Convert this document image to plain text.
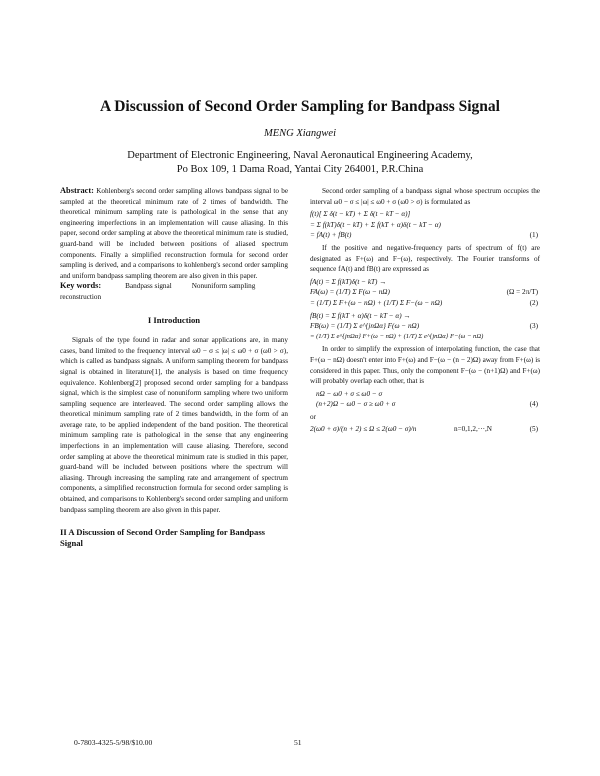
A Discussion of Second Order Sampling for Bandpass Signal
MENG Xiangwei
Department of Electronic Engineering, Naval Aeronautical Engineering Academy,
Po Box 109, 1 Dama Road, Yantai City 264001, P.R.China

Abstract: Kohlenberg's second order sampling allows bandpass signal to be sampled at the theoretical minimum rate of 2 times of bandwidth. The theoretical minimum sampling rate is pathological in the sense that any engineering imperfections in an implementation will cause aliasing. In this paper, second order sampling at above the theoretical minimum rate is studied, guard-band will be included between positions of aliased spectrum components. Finally a simplified reconstruction formula for second order sampling is derived, and a comparisons to kohlenberg's second order sampling and uniform bandpass sampling theorem are also given in this paper.

Key words:	Bandpass signal	Nonuniform sampling

reconstruction

I Introduction

Signals of the type found in radar and sonar applications are, in many cases, band limited to the frequency interval ω0 − σ ≤ |ω| ≤ ω0 + σ (ω0 > σ), which is called as bandpass signals. A uniform sampling theorem for bandpass signal is obtained in literature[1], the analysis is based on time frequency equivalence. Kohlenberg[2] proposed second order sampling for a bandpass signal, which is the simplest case of nonuniform sampling where two uniform sampling sequence are interleaved. The second order sampling allows the theoretical minimum sampling rate of 2 times bandwidth, in the form of an average rate, to be applied independent of the band position. The theoretical minimum sampling rate is pathological in the sense that any engineering imperfections in an implementation will cause aliasing. Therefore, second order sampling at above the theoretical minimum rate is studied in this paper, guard-band will be included between positions where the spectrum will aliasing. Through increasing the sampling rate and arrangement of spectrum components, a simplified reconstruction formula for second order sampling is obtained, and comparisons to Kohlenberg's second order sampling and uniform bandpass sampling theorem are also given in this paper.

II A Discussion of Second Order Sampling for Bandpass Signal

Second order sampling of a bandpass signal whose spectrum occupies the interval ω0 − σ ≤ |ω| ≤ ω0 + σ (ω0 > σ) is formulated as

f(t)[ Σ δ(t − kT) + Σ δ(t − kT − α)]
= Σ f(kT)δ(t − kT) + Σ f(kT + α)δ(t − kT − α)
= fA(t) + fB(t)	(1)

If the positive and negative-frequency parts of spectrum of f(t) are designated as F+(ω) and F−(ω), respectively. The Fourier transforms of sequence fA(t) and fB(t) are expressed as

fA(t) = Σ f(kT)δ(t − kT) →
FA(ω) = (1/T) Σ F(ω − nΩ)	(Ω = 2π/T)
= (1/T) Σ F+(ω − nΩ) + (1/T) Σ F−(ω − nΩ)	(2)
fB(t) = Σ f(kT + α)δ(t − kT − α) →
FB(ω) = (1/T) Σ e^{jnΩα} F(ω − nΩ)	(3)
= (1/T) Σ e^{jnΩα} F+(ω − nΩ) + (1/T) Σ e^{jnΩα} F−(ω − nΩ)

In order to simplify the expression of interpolating function, the case that F+(ω − nΩ) doesn't enter into F+(ω) and F−(ω − (n − 2)Ω) away from F+(ω) is considered in this paper. Thus, only the component F−(ω − (n+1)Ω) and F+(ω) will probably overlap each other, that is

nΩ − ω0 + σ ≤ ω0 − σ
(n+2)Ω − ω0 − σ ≥ ω0 + σ	(4)

or

2(ω0 + σ)/(n + 2) ≤ Ω ≤ 2(ω0 − σ)/n	n=0,1,2,···,N	(5)
0-7803-4325-5/98/$10.00	51
